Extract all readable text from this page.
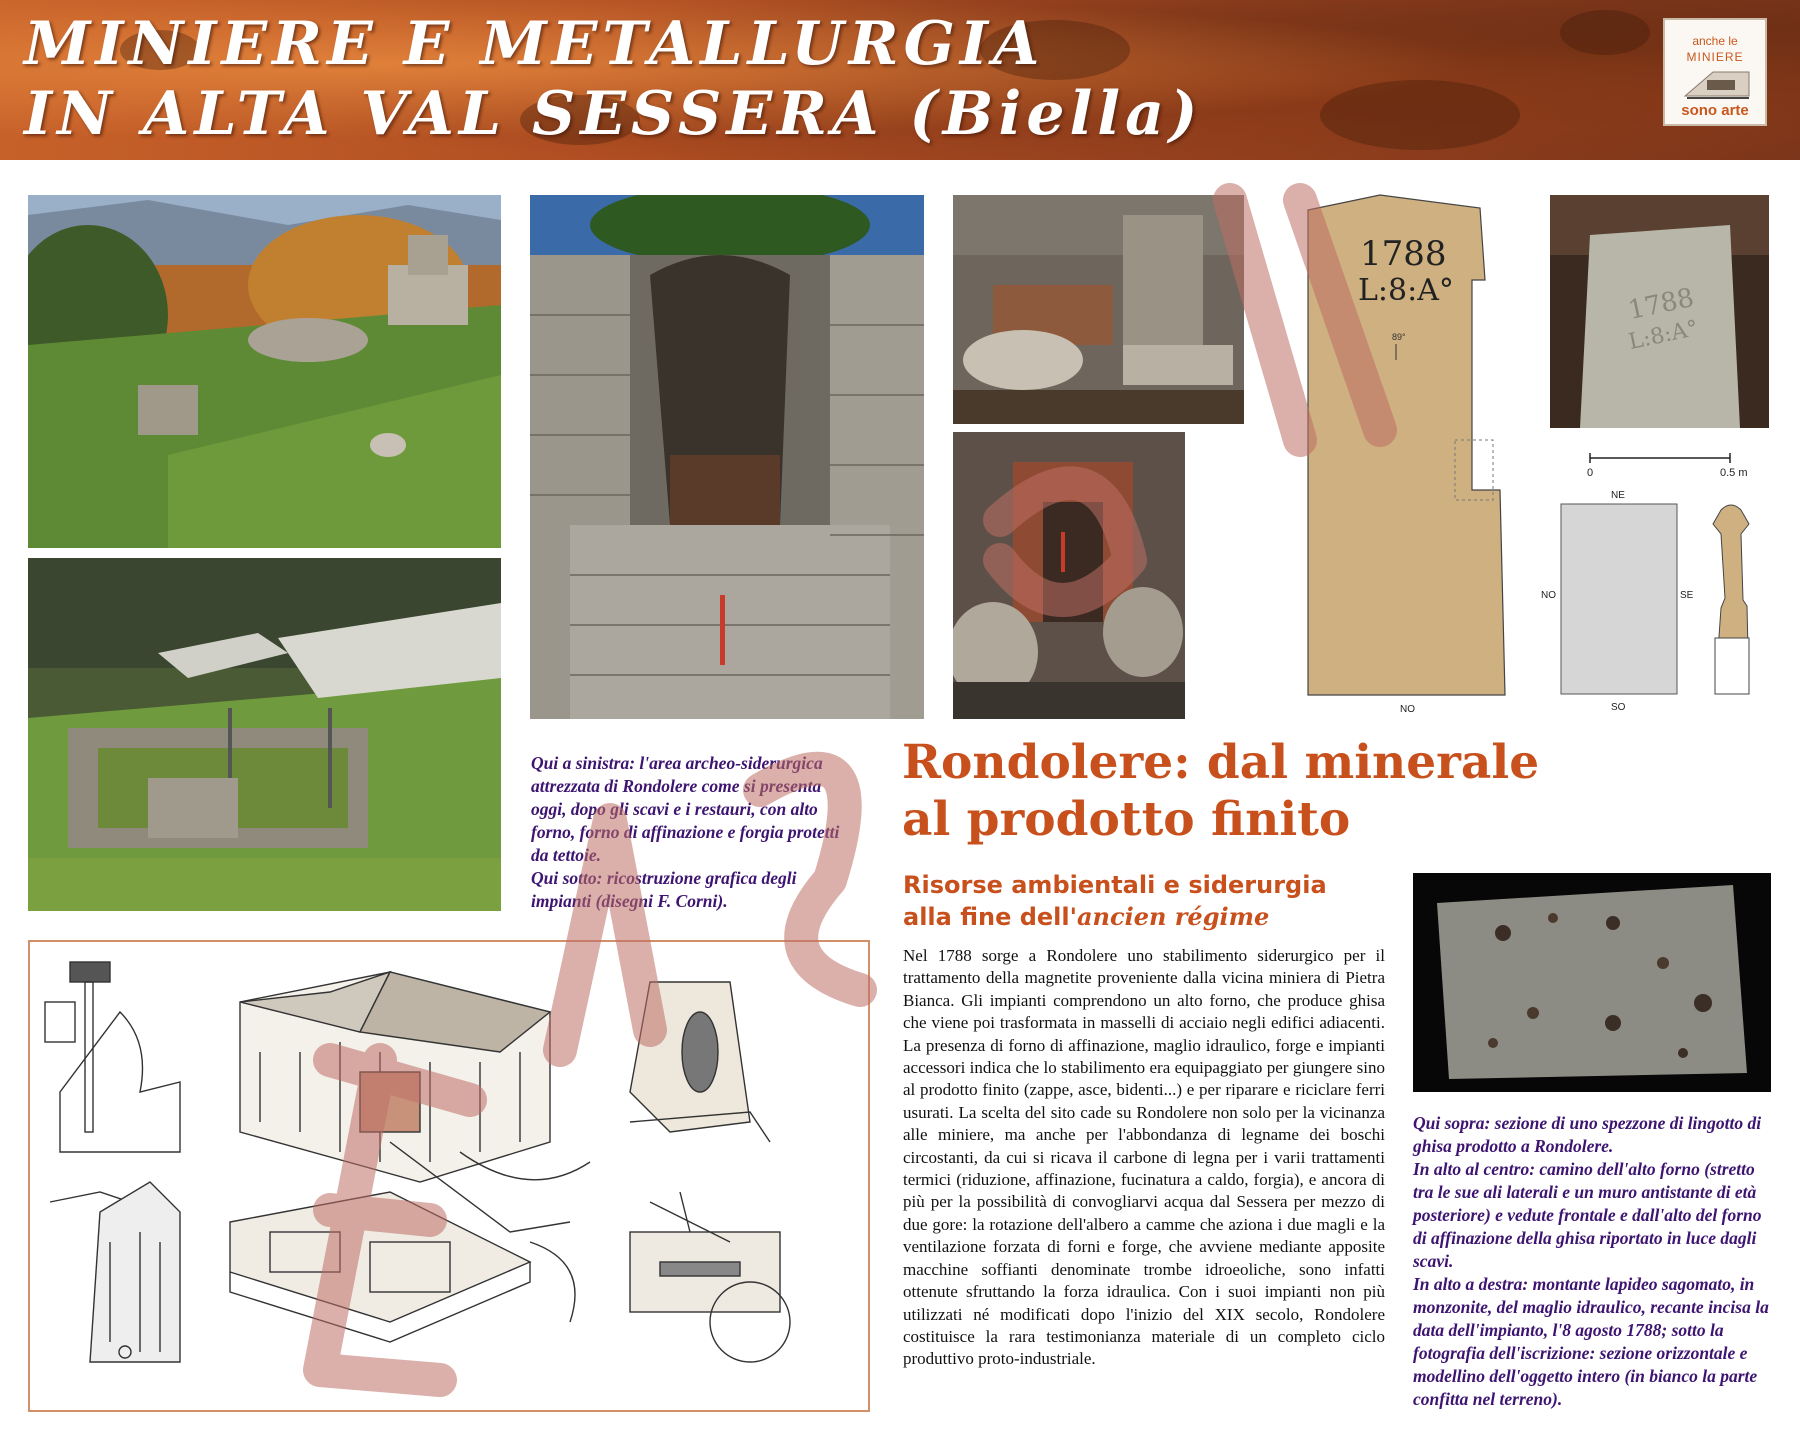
MINIERE E METALLURGIA
IN ALTA VAL SESSERA (Biella)
anche le
MINIERE
sono arte
1788
L:8:A°
89°
NO
1788
L:8:A°
0	0.5 m
NE
NO	SE
SO

Qui a sinistra: l'area archeo-siderurgica attrezzata di Rondolere come si presenta oggi, dopo gli scavi e i restauri, con alto forno, forno di affinazione e forgia protetti da tettoie.

Qui sotto: ricostruzione grafica degli impianti (disegni F. Corni).

Rondolere: dal minerale
al prodotto finito
Risorse ambientali e siderurgia
alla fine dell'ancien régime

Nel 1788 sorge a Rondolere uno stabilimento siderurgico per il trattamento della magnetite proveniente dalla vicina miniera di Pietra Bianca. Gli impianti comprendono un alto forno, che produce ghisa che viene poi trasformata in masselli di acciaio negli edifici adiacenti. La presenza di forno di affinazione, maglio idraulico, forge e impianti accessori indica che lo stabilimento era equipaggiato per giungere sino al prodotto finito (zappe, asce, bidenti...) e per riparare e riciclare ferri usurati. La scelta del sito cade su Rondolere non solo per la vicinanza alle miniere, ma anche per l'abbondanza di legname dei boschi circostanti, da cui si ricava il carbone di legna per i varii trattamenti termici (riduzione, affinazione, fucinatura a caldo, forgia), e ancora di più per la possibilità di convogliarvi acqua dal Sessera per mezzo di due gore: la rotazione dell'albero a camme che aziona i due magli e la ventilazione forzata di forni e forge, che avviene mediante apposite macchine soffianti denominate trombe idroeoliche, sono infatti ottenute sfruttando la forza idraulica. Con i suoi impianti non più utilizzati né modificati dopo l'inizio del XIX secolo, Rondolere costituisce la rara testimonianza materiale di un completo ciclo produttivo proto-industriale.

Qui sopra: sezione di uno spezzone di lingotto di ghisa prodotto a Rondolere.

In alto al centro: camino dell'alto forno (stretto tra le sue ali laterali e un muro antistante di età posteriore) e vedute frontale e dall'alto del forno di affinazione della ghisa riportato in luce dagli scavi.

In alto a destra: montante lapideo sagomato, in monzonite, del maglio idraulico, recante incisa la data dell'impianto, l'8 agosto 1788; sotto la fotografia dell'iscrizione: sezione orizzontale e modellino dell'oggetto intero (in bianco la parte confitta nel terreno).
